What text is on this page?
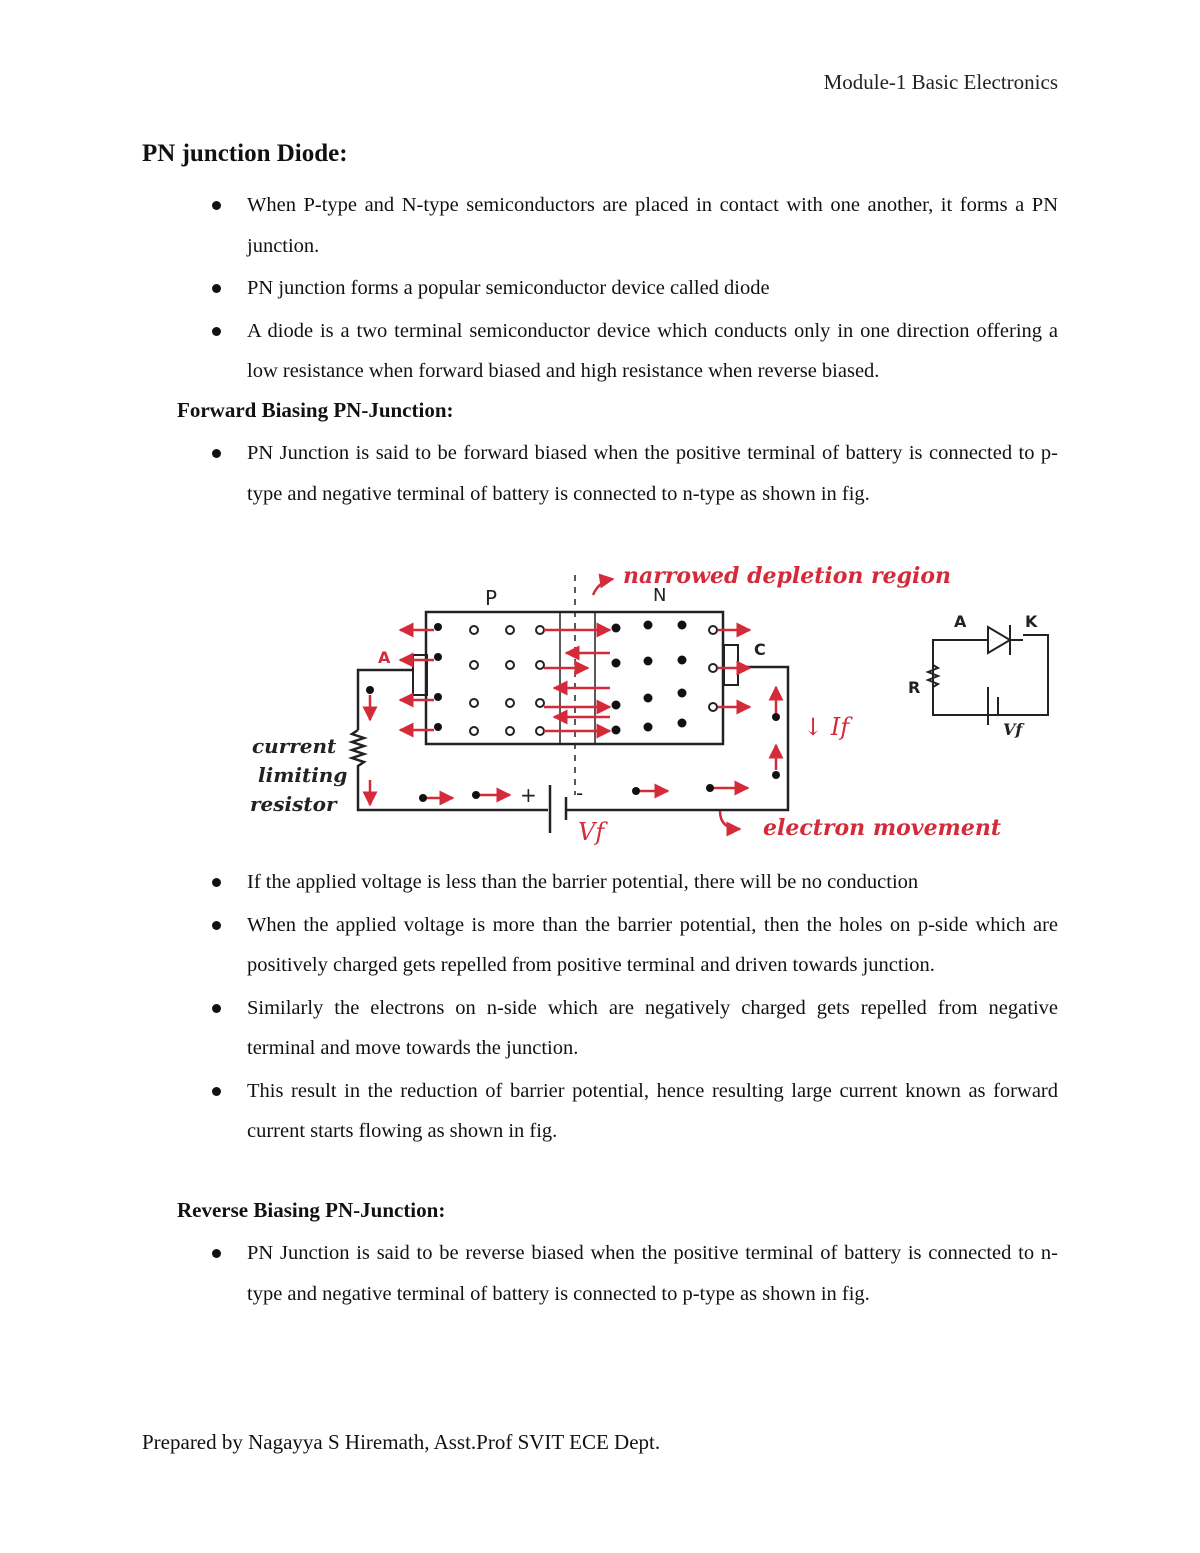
Module-1 Basic Electronics
PN junction Diode:
When P-type and N-type semiconductors are placed in contact with one another, it forms a PN junction.
PN junction forms a popular semiconductor device called diode
A diode is a two terminal semiconductor device which conducts only in one direction offering a low resistance when forward biased and high resistance when reverse biased.
Forward Biasing PN-Junction:
PN Junction is said to be forward biased when the positive terminal of battery is connected to p-type and negative terminal of battery is connected to n-type as shown in fig.
P	N
A	C
narrowed depletion region
current
limiting
resistor
↓ If
+ -
Vf	electron movement
A	K
R
Vf
If the applied voltage is less than the barrier potential, there will be no conduction
When the applied voltage is more than the barrier potential, then the holes on p-side which are positively charged gets repelled from positive terminal and driven towards junction.
Similarly the electrons on n-side which are negatively charged gets repelled from negative terminal and move towards the junction.
This result in the reduction of barrier potential, hence resulting large current known as forward current starts flowing as shown in fig.
Reverse Biasing PN-Junction:
PN Junction is said to be reverse biased when the positive terminal of battery is connected to n-type and negative terminal of battery is connected to p-type as shown in fig.
Prepared by Nagayya S Hiremath, Asst.Prof SVIT ECE Dept.
